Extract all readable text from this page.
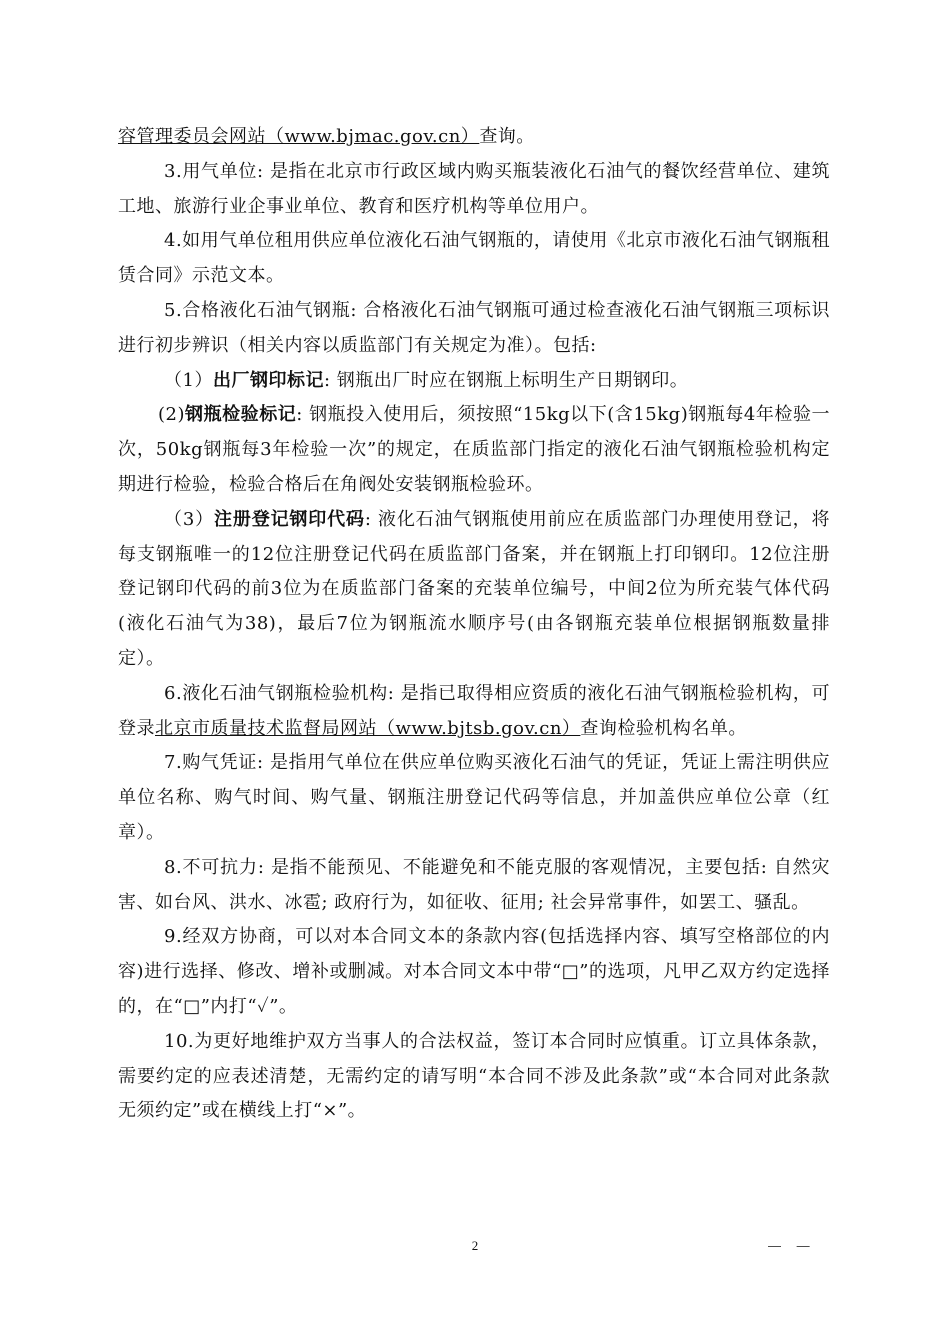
容管理委员会网站（www.bjmac.gov.cn）查询。

3.用气单位: 是指在北京市行政区域内购买瓶装液化石油气的餐饮经营单位、建筑工地、旅游行业企事业单位、教育和医疗机构等单位用户。

4.如用气单位租用供应单位液化石油气钢瓶的，请使用《北京市液化石油气钢瓶租赁合同》示范文本。

5.合格液化石油气钢瓶: 合格液化石油气钢瓶可通过检查液化石油气钢瓶三项标识进行初步辨识（相关内容以质监部门有关规定为准）。包括:

（1）出厂钢印标记: 钢瓶出厂时应在钢瓶上标明生产日期钢印。

(2)钢瓶检验标记: 钢瓶投入使用后，须按照“15kg以下(含15kg)钢瓶每4年检验一次，50kg钢瓶每3年检验一次”的规定，在质监部门指定的液化石油气钢瓶检验机构定期进行检验，检验合格后在角阀处安装钢瓶检验环。

（3）注册登记钢印代码: 液化石油气钢瓶使用前应在质监部门办理使用登记，将每支钢瓶唯一的12位注册登记代码在质监部门备案，并在钢瓶上打印钢印。12位注册登记钢印代码的前3位为在质监部门备案的充装单位编号，中间2位为所充装气体代码(液化石油气为38)，最后7位为钢瓶流水顺序号(由各钢瓶充装单位根据钢瓶数量排定）。

6.液化石油气钢瓶检验机构: 是指已取得相应资质的液化石油气钢瓶检验机构，可登录北京市质量技术监督局网站（www.bjtsb.gov.cn）查询检验机构名单。

7.购气凭证: 是指用气单位在供应单位购买液化石油气的凭证，凭证上需注明供应单位名称、购气时间、购气量、钢瓶注册登记代码等信息，并加盖供应单位公章（红章）。

8.不可抗力: 是指不能预见、不能避免和不能克服的客观情况，主要包括: 自然灾害、如台风、洪水、冰雹; 政府行为，如征收、征用; 社会异常事件，如罢工、骚乱。

9.经双方协商，可以对本合同文本的条款内容(包括选择内容、填写空格部位的内容)进行选择、修改、增补或删减。对本合同文本中带“□”的选项，凡甲乙双方约定选择的，在“□”内打“✓”。

10.为更好地维护双方当事人的合法权益，签订本合同时应慎重。订立具体条款，需要约定的应表述清楚，无需约定的请写明“本合同不涉及此条款”或“本合同对此条款无须约定”或在横线上打“×”。

2	— —
